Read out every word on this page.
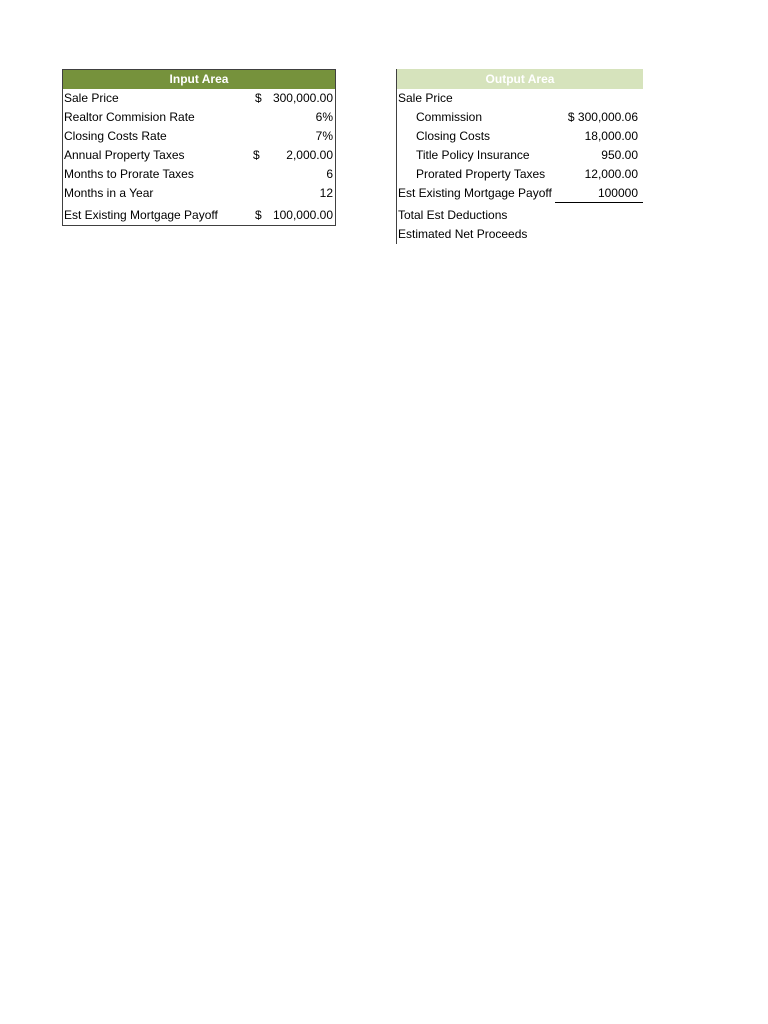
Input Area
Sale Price	$ 300,000.00
Realtor Commision Rate	6%
Closing Costs Rate	7%
Annual Property Taxes	$ 2,000.00
Months to Prorate Taxes	6
Months in a Year	12
Est Existing Mortgage Payoff	$ 100,000.00
Output Area
Sale Price
Commission	$ 300,000.06
Closing Costs	18,000.00
Title Policy Insurance	950.00
Prorated Property Taxes	12,000.00
Est Existing Mortgage Payoff	100000
Total Est Deductions
Estimated Net Proceeds
